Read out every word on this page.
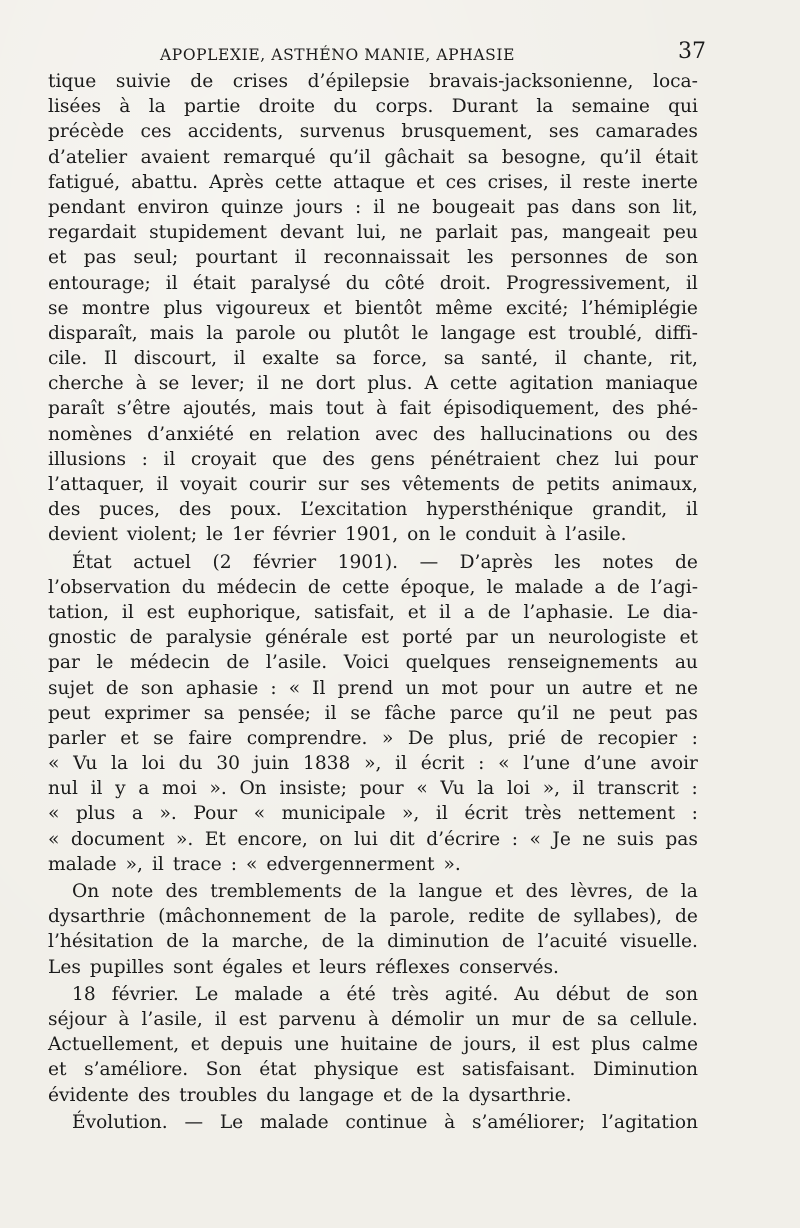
APOPLEXIE, ASTHÉNO MANIE, APHASIE	37
tique suivie de crises d’épilepsie bravais-jacksonienne, loca-
lisées à la partie droite du corps. Durant la semaine qui
précède ces accidents, survenus brusquement, ses camarades
d’atelier avaient remarqué qu’il gâchait sa besogne, qu’il était
fatigué, abattu. Après cette attaque et ces crises, il reste inerte
pendant environ quinze jours : il ne bougeait pas dans son lit,
regardait stupidement devant lui, ne parlait pas, mangeait peu
et pas seul; pourtant il reconnaissait les personnes de son
entourage; il était paralysé du côté droit. Progressivement, il
se montre plus vigoureux et bientôt même excité; l’hémiplégie
disparaît, mais la parole ou plutôt le langage est troublé, diffi-
cile. Il discourt, il exalte sa force, sa santé, il chante, rit,
cherche à se lever; il ne dort plus. A cette agitation maniaque
paraît s’être ajoutés, mais tout à fait épisodiquement, des phé-
nomènes d’anxiété en relation avec des hallucinations ou des
illusions : il croyait que des gens pénétraient chez lui pour
l’attaquer, il voyait courir sur ses vêtements de petits animaux,
des puces, des poux. L’excitation hypersthénique grandit, il
devient violent; le 1er février 1901, on le conduit à l’asile.
État actuel (2 février 1901). — D’après les notes de
l’observation du médecin de cette époque, le malade a de l’agi-
tation, il est euphorique, satisfait, et il a de l’aphasie. Le dia-
gnostic de paralysie générale est porté par un neurologiste et
par le médecin de l’asile. Voici quelques renseignements au
sujet de son aphasie : « Il prend un mot pour un autre et ne
peut exprimer sa pensée; il se fâche parce qu’il ne peut pas
parler et se faire comprendre. » De plus, prié de recopier :
« Vu la loi du 30 juin 1838 », il écrit : « l’une d’une avoir
nul il y a moi ». On insiste; pour « Vu la loi », il transcrit :
« plus a ». Pour « municipale », il écrit très nettement :
« document ». Et encore, on lui dit d’écrire : « Je ne suis pas
malade », il trace : « edvergennerment ».
On note des tremblements de la langue et des lèvres, de la
dysarthrie (mâchonnement de la parole, redite de syllabes), de
l’hésitation de la marche, de la diminution de l’acuité visuelle.
Les pupilles sont égales et leurs réflexes conservés.
18 février. Le malade a été très agité. Au début de son
séjour à l’asile, il est parvenu à démolir un mur de sa cellule.
Actuellement, et depuis une huitaine de jours, il est plus calme
et s’améliore. Son état physique est satisfaisant. Diminution
évidente des troubles du langage et de la dysarthrie.
Évolution. — Le malade continue à s’améliorer; l’agitation
